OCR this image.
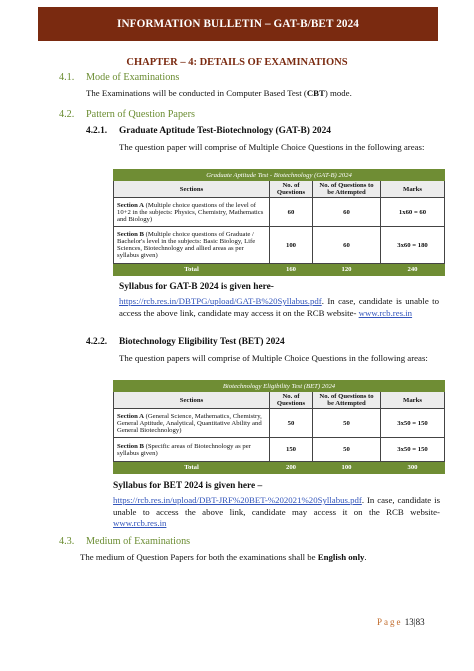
INFORMATION BULLETIN – GAT-B/BET 2024
CHAPTER – 4: DETAILS OF EXAMINATIONS
4.1. Mode of Examinations
The Examinations will be conducted in Computer Based Test (CBT) mode.
4.2. Pattern of Question Papers
4.2.1. Graduate Aptitude Test-Biotechnology (GAT-B) 2024
The question paper will comprise of Multiple Choice Questions in the following areas:
Graduate Aptitude Test - Biotechnology (GAT-B) 2024			
Sections	No. of Questions	No. of Questions to be Attempted	Marks
Section A (Multiple choice questions of the level of 10+2 in the subjects: Physics, Chemistry, Mathematics and Biology)	60	60	1x60 = 60
Section B (Multiple choice questions of Graduate / Bachelor's level in the subjects: Basic Biology, Life Sciences, Biotechnology and allied areas as per syllabus given)	100	60	3x60 = 180
Total	160	120	240
Syllabus for GAT-B 2024 is given here-
https://rcb.res.in/DBTPG/upload/GAT-B%20Syllabus.pdf. In case, candidate is unable to access the above link, candidate may access it on the RCB website- www.rcb.res.in
4.2.2. Biotechnology Eligibility Test (BET) 2024
The question papers will comprise of Multiple Choice Questions in the following areas:
Biotechnology Eligibility Test (BET) 2024			
Sections	No. of Questions	No. of Questions to be Attempted	Marks
Section A (General Science, Mathematics, Chemistry, General Aptitude, Analytical, Quantitative Ability and General Biotechnology)	50	50	3x50 = 150
Section B (Specific areas of Biotechnology as per syllabus given)	150	50	3x50 = 150
Total	200	100	300
Syllabus for BET 2024 is given here –
https://rcb.res.in/upload/DBT-JRF%20BET-%202021%20Syllabus.pdf. In case, candidate is unable to access the above link, candidate may access it on the RCB website- www.rcb.res.in
4.3. Medium of Examinations
The medium of Question Papers for both the examinations shall be English only.
Page 13|83
